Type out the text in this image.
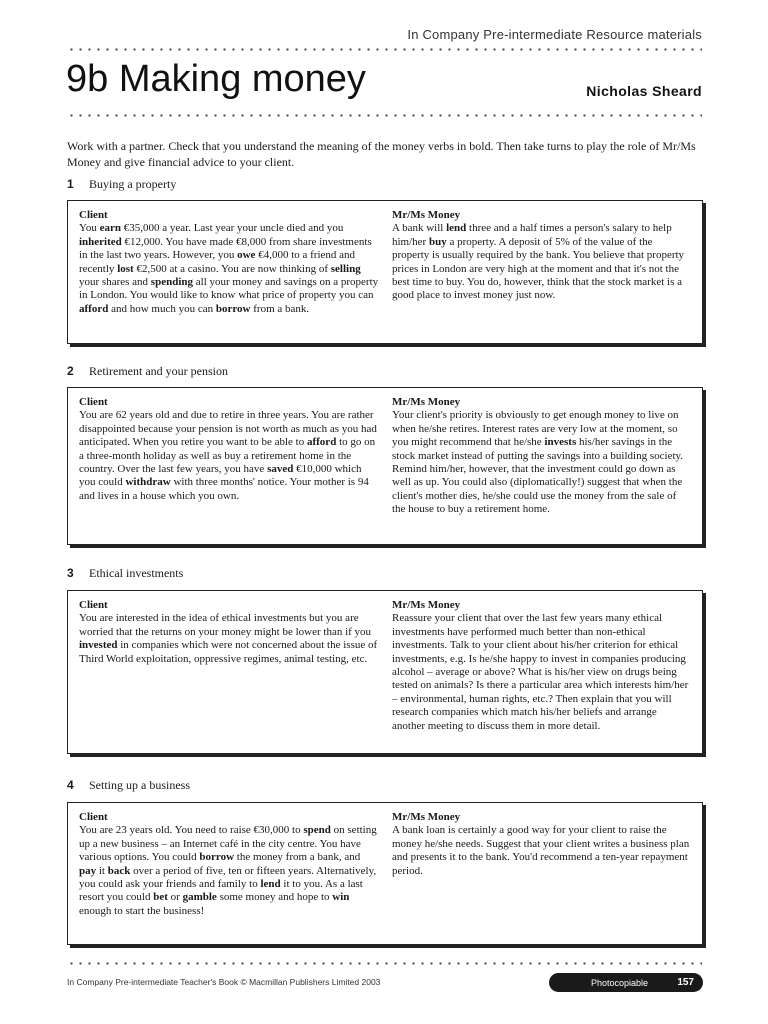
In Company Pre-intermediate Resource materials
9b Making money	Nicholas Sheard

Work with a partner. Check that you understand the meaning of the money verbs in bold. Then take turns to play the role of Mr/Ms Money and give financial advice to your client.

1 Buying a property
Client

You earn €35,000 a year. Last year your uncle died and you inherited €12,000. You have made €8,000 from share investments in the last two years. However, you owe €4,000 to a friend and recently lost €2,500 at a casino. You are now thinking of selling your shares and spending all your money and savings on a property in London. You would like to know what price of property you can afford and how much you can borrow from a bank.

Mr/Ms Money

A bank will lend three and a half times a person's salary to help him/her buy a property. A deposit of 5% of the value of the property is usually required by the bank. You believe that property prices in London are very high at the moment and that it's not the best time to buy. You do, however, think that the stock market is a good place to invest money just now.

2 Retirement and your pension
Client

You are 62 years old and due to retire in three years. You are rather disappointed because your pension is not worth as much as you had anticipated. When you retire you want to be able to afford to go on a three-month holiday as well as buy a retirement home in the country. Over the last few years, you have saved €10,000 which you could withdraw with three months' notice. Your mother is 94 and lives in a house which you own.

Mr/Ms Money

Your client's priority is obviously to get enough money to live on when he/she retires. Interest rates are very low at the moment, so you might recommend that he/she invests his/her savings in the stock market instead of putting the savings into a building society. Remind him/her, however, that the investment could go down as well as up. You could also (diplomatically!) suggest that when the client's mother dies, he/she could use the money from the sale of the house to buy a retirement home.

3 Ethical investments
Client

You are interested in the idea of ethical investments but you are worried that the returns on your money might be lower than if you invested in companies which were not concerned about the issue of Third World exploitation, oppressive regimes, animal testing, etc.

Mr/Ms Money

Reassure your client that over the last few years many ethical investments have performed much better than non-ethical investments. Talk to your client about his/her criterion for ethical investments, e.g. Is he/she happy to invest in companies producing alcohol – average or above? What is his/her view on drugs being tested on animals? Is there a particular area which interests him/her – environmental, human rights, etc.? Then explain that you will research companies which match his/her beliefs and arrange another meeting to discuss them in more detail.

4 Setting up a business
Client

You are 23 years old. You need to raise €30,000 to spend on setting up a new business – an Internet café in the city centre. You have various options. You could borrow the money from a bank, and pay it back over a period of five, ten or fifteen years. Alternatively, you could ask your friends and family to lend it to you. As a last resort you could bet or gamble some money and hope to win enough to start the business!

Mr/Ms Money

A bank loan is certainly a good way for your client to raise the money he/she needs. Suggest that your client writes a business plan and presents it to the bank. You'd recommend a ten-year repayment period.

In Company Pre-intermediate Teacher's Book © Macmillan Publishers Limited 2003	Photocopiable	157
